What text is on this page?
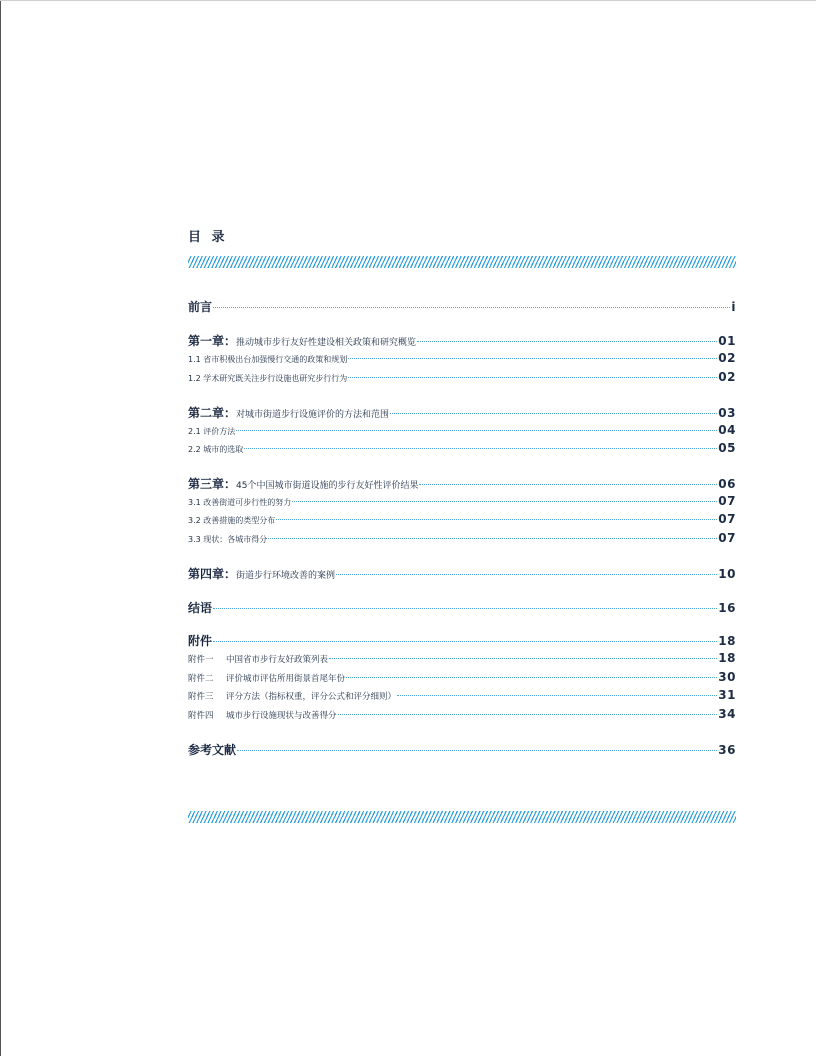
目 录
前言	i
第一章：推动城市步行友好性建设相关政策和研究概览	01
1.1 省市积极出台加强慢行交通的政策和规划	02
1.2 学术研究既关注步行设施也研究步行行为	02
第二章：对城市街道步行设施评价的方法和范围	03
2.1 评价方法	04
2.2 城市的选取	05
第三章：45个中国城市街道设施的步行友好性评价结果	06
3.1 改善街道可步行性的努力	07
3.2 改善措施的类型分布	07
3.3 现状：各城市得分	07
第四章：街道步行环境改善的案例	10
结语	16
附件	18
附件一 中国省市步行友好政策列表	18
附件二 评价城市评估所用街景首尾年份	30
附件三 评分方法（指标权重，评分公式和评分细则）	31
附件四 城市步行设施现状与改善得分	34
参考文献	36
